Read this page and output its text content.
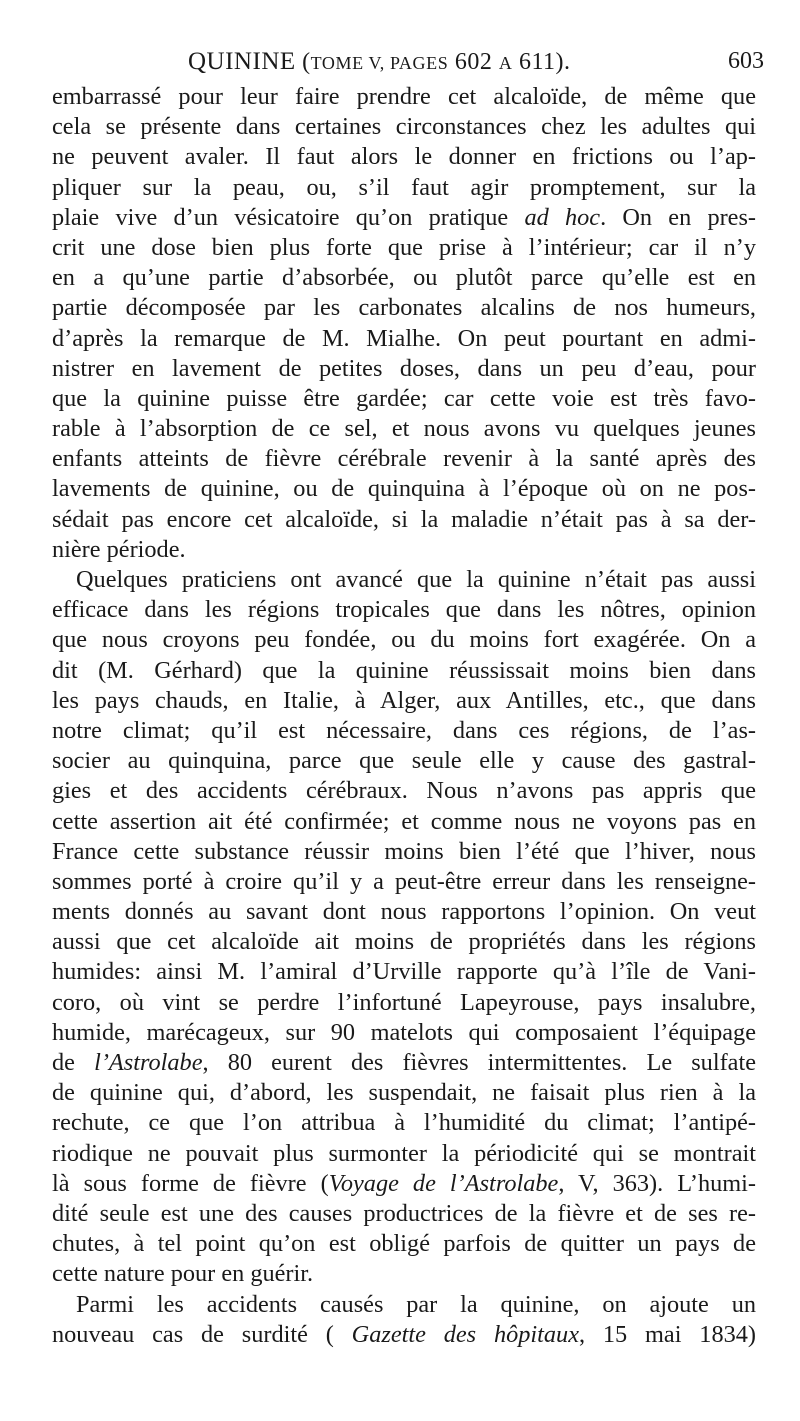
QUININE (TOME V, PAGES 602 A 611).	603
embarrassé pour leur faire prendre cet alcaloïde, de même que
cela se présente dans certaines circonstances chez les adultes qui
ne peuvent avaler. Il faut alors le donner en frictions ou l’ap-
pliquer sur la peau, ou, s’il faut agir promptement, sur la
plaie vive d’un vésicatoire qu’on pratique ad hoc. On en pres-
crit une dose bien plus forte que prise à l’intérieur; car il n’y
en a qu’une partie d’absorbée, ou plutôt parce qu’elle est en
partie décomposée par les carbonates alcalins de nos humeurs,
d’après la remarque de M. Mialhe. On peut pourtant en admi-
nistrer en lavement de petites doses, dans un peu d’eau, pour
que la quinine puisse être gardée; car cette voie est très favo-
rable à l’absorption de ce sel, et nous avons vu quelques jeunes
enfants atteints de fièvre cérébrale revenir à la santé après des
lavements de quinine, ou de quinquina à l’époque où on ne pos-
sédait pas encore cet alcaloïde, si la maladie n’était pas à sa der-
nière période.
Quelques praticiens ont avancé que la quinine n’était pas aussi
efficace dans les régions tropicales que dans les nôtres, opinion
que nous croyons peu fondée, ou du moins fort exagérée. On a
dit (M. Gérhard) que la quinine réussissait moins bien dans
les pays chauds, en Italie, à Alger, aux Antilles, etc., que dans
notre climat; qu’il est nécessaire, dans ces régions, de l’as-
socier au quinquina, parce que seule elle y cause des gastral-
gies et des accidents cérébraux. Nous n’avons pas appris que
cette assertion ait été confirmée; et comme nous ne voyons pas en
France cette substance réussir moins bien l’été que l’hiver, nous
sommes porté à croire qu’il y a peut-être erreur dans les renseigne-
ments donnés au savant dont nous rapportons l’opinion. On veut
aussi que cet alcaloïde ait moins de propriétés dans les régions
humides: ainsi M. l’amiral d’Urville rapporte qu’à l’île de Vani-
coro, où vint se perdre l’infortuné Lapeyrouse, pays insalubre,
humide, marécageux, sur 90 matelots qui composaient l’équipage
de l’Astrolabe, 80 eurent des fièvres intermittentes. Le sulfate
de quinine qui, d’abord, les suspendait, ne faisait plus rien à la
rechute, ce que l’on attribua à l’humidité du climat; l’antipé-
riodique ne pouvait plus surmonter la périodicité qui se montrait
là sous forme de fièvre (Voyage de l’Astrolabe, V, 363). L’humi-
dité seule est une des causes productrices de la fièvre et de ses re-
chutes, à tel point qu’on est obligé parfois de quitter un pays de
cette nature pour en guérir.
Parmi les accidents causés par la quinine, on ajoute un
nouveau cas de surdité ( Gazette des hôpitaux, 15 mai 1834)
